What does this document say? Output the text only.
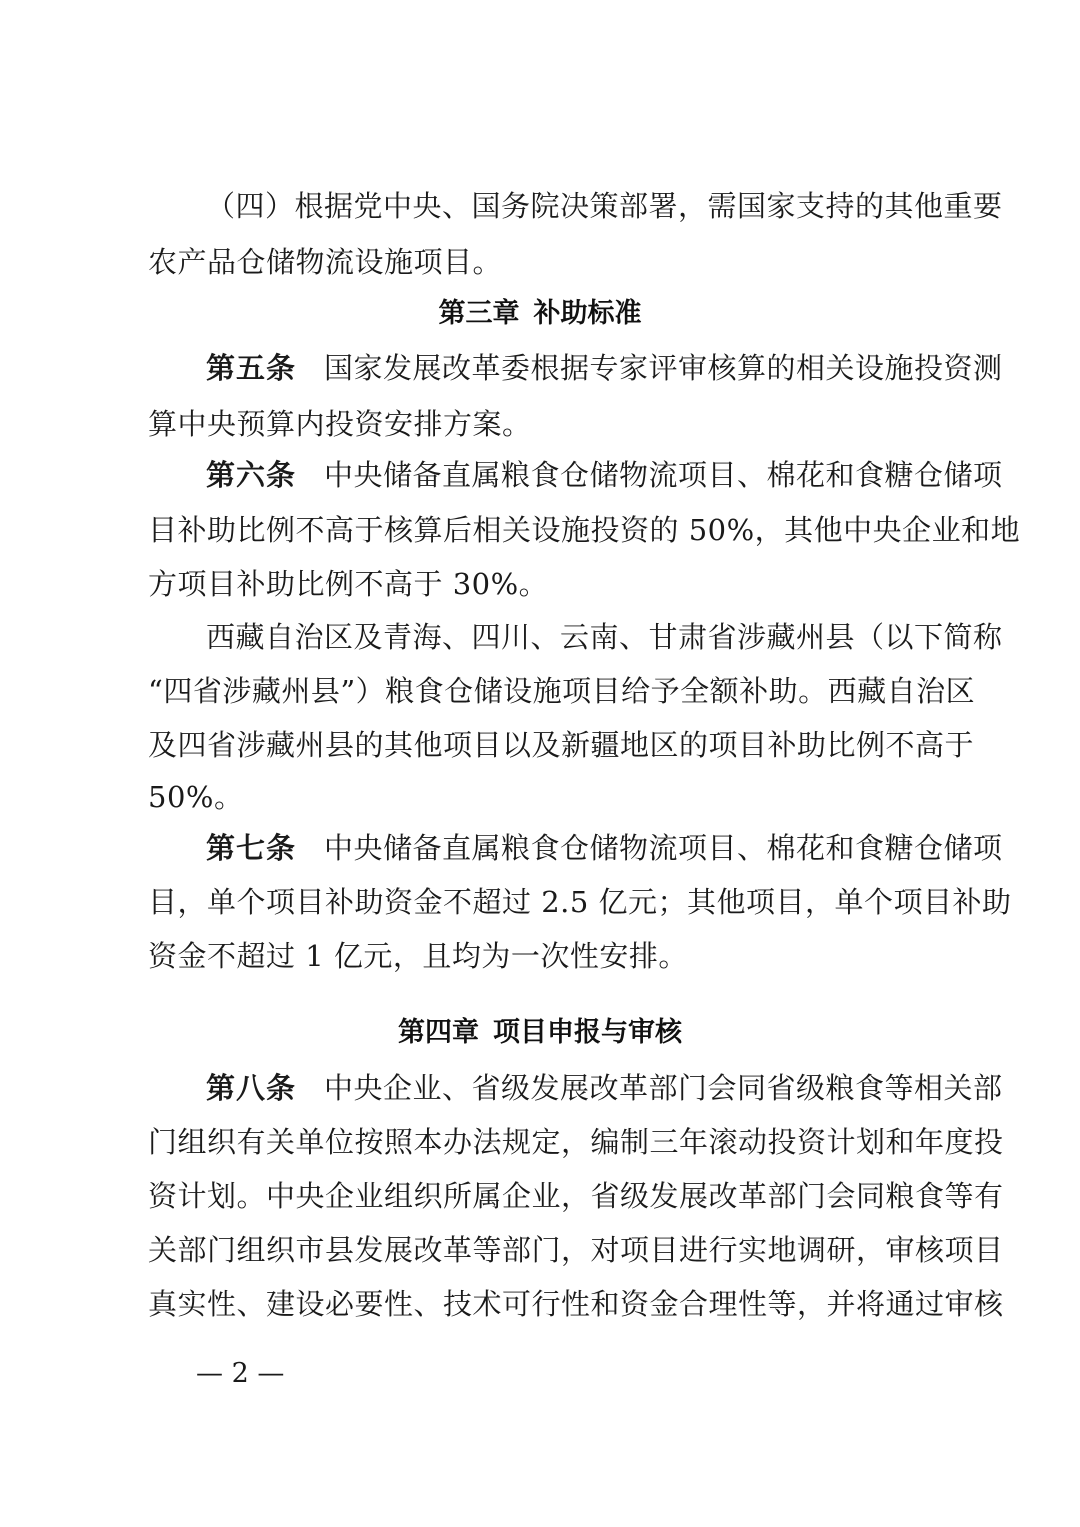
（四）根据党中央、国务院决策部署，需国家支持的其他重要
农产品仓储物流设施项目。
第三章 补助标准
第五条 国家发展改革委根据专家评审核算的相关设施投资测
算中央预算内投资安排方案。
第六条 中央储备直属粮食仓储物流项目、棉花和食糖仓储项
目补助比例不高于核算后相关设施投资的 50%，其他中央企业和地
方项目补助比例不高于 30%。
西藏自治区及青海、四川、云南、甘肃省涉藏州县（以下简称
“四省涉藏州县”）粮食仓储设施项目给予全额补助。西藏自治区
及四省涉藏州县的其他项目以及新疆地区的项目补助比例不高于
50%。
第七条 中央储备直属粮食仓储物流项目、棉花和食糖仓储项
目，单个项目补助资金不超过 2.5 亿元；其他项目，单个项目补助
资金不超过 1 亿元，且均为一次性安排。
第四章 项目申报与审核
第八条 中央企业、省级发展改革部门会同省级粮食等相关部
门组织有关单位按照本办法规定，编制三年滚动投资计划和年度投
资计划。中央企业组织所属企业，省级发展改革部门会同粮食等有
关部门组织市县发展改革等部门，对项目进行实地调研，审核项目
真实性、建设必要性、技术可行性和资金合理性等，并将通过审核
— 2 —
